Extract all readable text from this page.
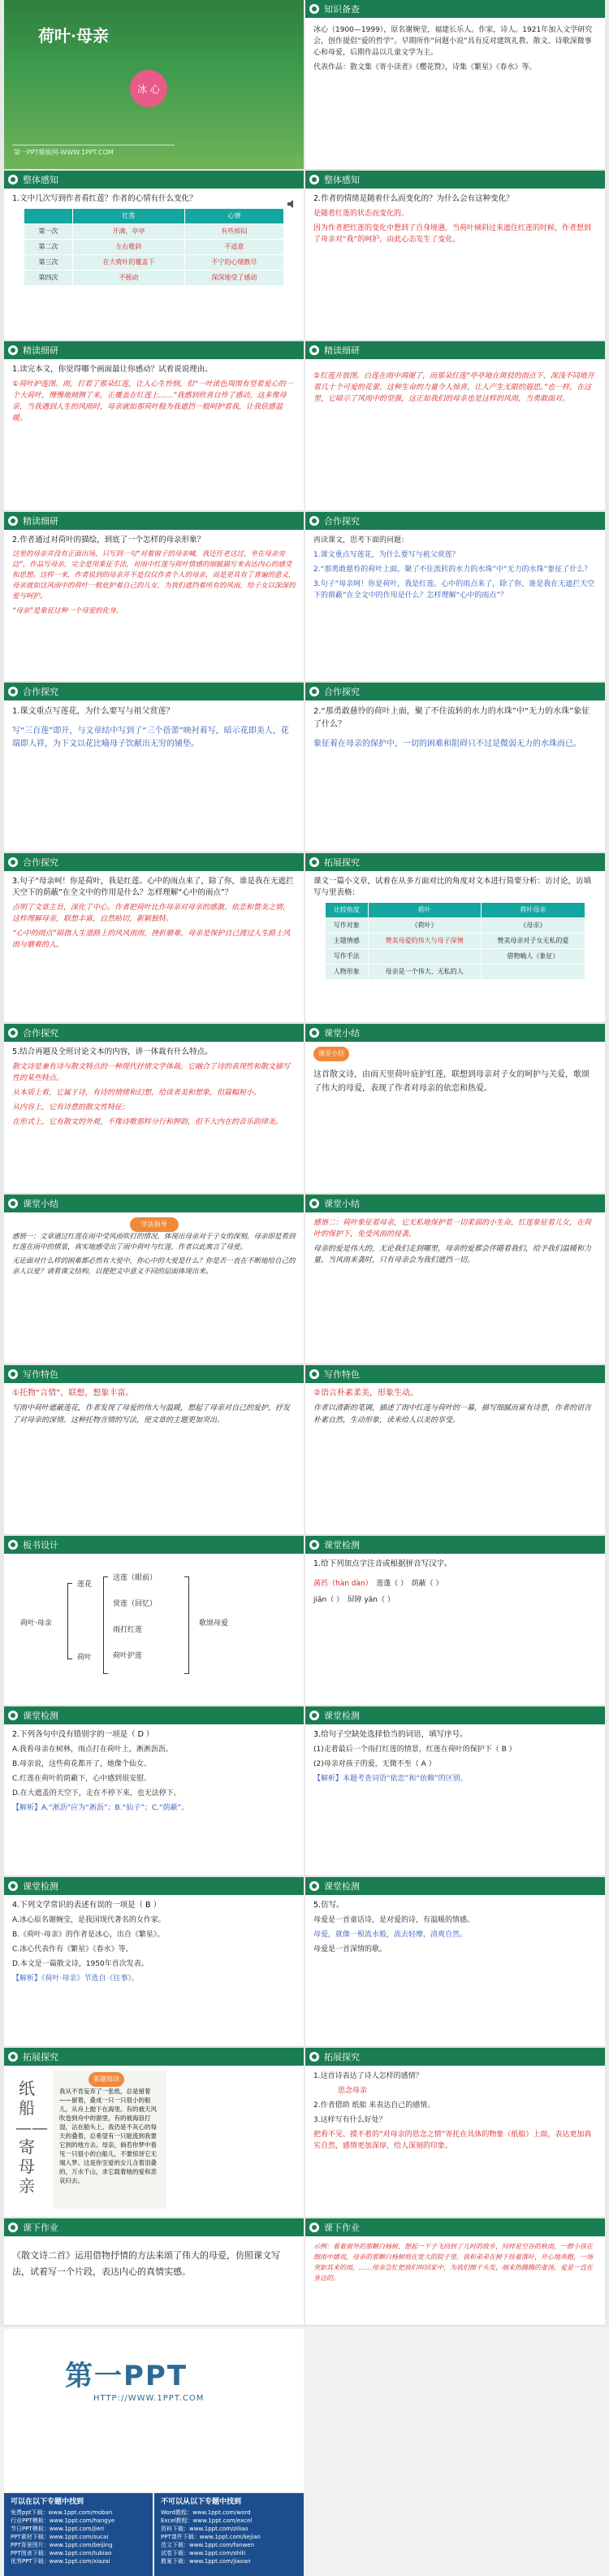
荷叶·母亲
冰 心
第一PPT模板网-WWW.1PPT.COM
知识备查

冰心（1900—1999），原名谢婉莹，福建长乐人。作家，诗人。1921年加入文学研究会，创作提倡“爱的哲学”。早期所作“问题小说”具有反对建筑礼教、散文、诗歌深微事心和母爱，后期作品以儿童文学为主。

代表作品：散文集《寄小读者》《樱花赞》，诗集《繁星》《春水》等。

整体感知

1.文中几次写到作者看红莲？作者的心情有什么变化？

	红莲	心情
第一次	开满、亭亭	有些烦闷
第二次	左右敬斜	不适意
第三次	在大荷叶的覆盖下	不宁的心绪散尽
第四次	不摇动	深深地受了感动
整体感知

2.作者的情绪是随着什么而变化的？为什么会有这种变化？

是随着红莲的状态而变化的。

因为作者把红莲的变化中想到了自身境遇，当荷叶倾斜过来遮住红莲的时候，作者想到了母亲对“我”的呵护，由此心态发生了变化。

精读细研

1.读完本文，你觉得哪个画面最让你感动？试着说说理由。

①荷叶护莲图。雨，打着了那朵红莲，让人心生怜悯，但“一叶浓色周围有坚着爱心的一个大荷叶，慢慢地倾侧了来，正覆盖在红莲上……”我感到欣喜自怜了感动，这多像母亲，当我遇到人生的风雨时，母亲就如那荷叶般为我遮挡一般呵护着我，让我倍感温暖。

精读细研

②红莲开放图。白莲在雨中凋谢了，而那朵红莲“亭亭地在斑驳的雨点下，深浅不同地开着几十个可爱的花蕾，这种生命的力量令人惊喜，让人产生无限的遐思。”也一样，在这里，它暗示了风雨中的坚强，这正如我们的母亲也是这样的风雨，当勇敢面对。

精读细研

2.作者通过对荷叶的描绘，到底了一个怎样的母亲形象？

这里的母亲并没有正面出场，只写到一句“对着窗子的母亲喊，我还任老这过，坐在母亲旁边”，作品写母亲，完全是用象征手法，对雨中红莲与荷叶情感的细腻描写来表达内心的感受和思想。这样一来，作者说到的母亲并不是仅仅作者个人的母亲，而是更具有了普遍的意义，母亲就如这风雨中的荷叶一般庇护着自己的儿女，为我们遮挡着所有的风雨，给子女以深深的爱与呵护。

“母亲”是象征这种一个母爱的化身。

合作探究

再读课文，思考下面的问题：

1.课文重点写莲花，为什么要写与祖父赏莲？

2.“那勇敢慈怜的荷叶上面，聚了不住流转的水力的水珠”中“无力的水珠”象征了什么？

3.句子“母亲呵！你是荷叶，我是红莲。心中的雨点来了，除了你，谁是我在无遮拦天空下的荫蔽”在全文中的作用是什么？怎样理解“心中的雨点”？

合作探究

1.课文重点写莲花，为什么要写与祖父赏莲？

写“三百莲”即开，与文章结中写到了“三个蓓蕾”映衬着写，暗示花即美人，花瑞即人祥，为下文以花比喻母子饮献出无穷的铺垫。

合作探究

2.“那勇敢慈怜的荷叶上面，聚了不住流转的水力的水珠”中“无力的水珠”象征了什么？

象征着在母亲的保护中，一切的困难和阻碍只不过是微弱无力的水珠而已。

合作探究

3.句子“母亲呵！你是荷叶，我是红莲。心中的雨点来了，除了你，谁是我在无遮拦天空下的荫蔽”在全文中的作用是什么？怎样理解“心中的雨点”？

点明了文章主旨，深化了中心。作者把荷叶比作母亲对母亲的感激、依恋和赞美之情，这样理解母亲，联想丰富，自然贴切，新颖独特。

“心中的雨点”暗指人生道路上的风风雨雨，挫折磨难，母亲是保护自己渡过人生路上风雨与磨难的人。

拓展探究

课文一篇小文章，试着在从多方面对比的角度对文本进行简要分析：访讨论，访填写与里表格：

比较角度	荷叶	荷叶母亲
写作对象	《荷叶》	《母亲》
主题情感	赞美母爱的伟大与母子深情	赞美母亲对子女无私的爱
写作手法		借物喻人（象征）
人物形象	母亲是一个伟大、无私的人	
合作探究

5.结合再题及全班讨论文本的内容，讲一体裁有什么特点。

散文诗是兼有诗与散文特点的一种现代抒情文学体裁。它融合了诗的表现性和散文描写性的某些特点。

从本质上看，它属于诗，有诗的情绪和幻想，给读者美和想象，但篇幅短小。

从内容上，它有诗意的散文性特征；

在形式上，它有散文的外观，不像诗歌那样分行和押韵，但不大内在的音乐韵律美。

课堂小结
课堂小结

这首散文诗，由雨天里荷叶庇护红莲，联想到母亲对子女的呵护与关爱，歌颂了伟大的母爱，表现了作者对母亲的依恋和热爱。

课堂小结
学法指导

感悟一：文章通过红莲在雨中受风雨吹打的情况，体现出母亲对于子女的深刻，母亲即是看到红莲在雨中的情景，真实地感受出了雨中荷叶与红莲，作者以此寓言了母爱。

无论面对什么样的困难都必然有大爱中，你心中的大爱是什么？你是否一直在不断地给自己的亲人以爱？请看课文结构，以便把文中意义不同的层面体现出来。

课堂小结

感悟二：荷叶象征着母亲，它无私地保护着一切柔弱的小生命，红莲象征着儿女，在荷叶的保护下，免受风雨的侵袭。

母亲的爱是伟大的，无论我们走到哪里，母亲的爱都会伴随着我们，给予我们温暖和力量。当风雨来袭时，只有母亲会为我们遮挡一切。

写作特色

①托物“言情”，联想，想象丰富。

写雨中荷叶遮蔽莲花，作者发现了母爱的伟大与温暖，想起了母亲对自己的爱护，抒发了对母亲的深情。这种托物言情的写法，使文章的主题更加突出。

写作特色

②语言朴素柔美，形象生动。

作者以清新的笔调，描述了雨中红莲与荷叶的一幕，描写细腻而富有诗意，作者的语言朴素自然，生动形象，读来给人以美的享受。

板书设计
荷叶·母亲
莲花
荷叶
送莲（眼前）
赏莲（回忆）
雨打红莲
荷叶护莲
歌颂母爱
课堂检测

1.给下列加点字注音或根据拼音写汉字。

菡萏（hàn dàn）　 莲蓬（ ）　 荫蔽（ ）

jiǎn（ ）　 屏障 yǎn（ ）

课堂检测

2.下列各句中没有错别字的一项是（ D ）

A.我看母亲在树林，雨点打在荷叶上，淅淅沥沥。

B.母亲说，这些荷花都开了，她像个仙女。

C.红莲在荷叶的荫蔽下，心中感到很安慰。

D.在大遮盖的天空下，走在不停下来，也无法停下。

【解析】A.“淅沥”应为“淅沥”；B.“仙子”；C.“荫蔽”。

课堂检测

3.给句子空缺处选择恰当的词语，填写序号。

(1)走着最后一个雨打红莲的情景，红莲在荷叶的保护下（ B ）

(2)母亲对孩子的爱，无微不至（ A ）

【解析】本题考查词语“依恋”和“依赖”的区别。

课堂检测

4.下列文学常识的表述有误的一项是（ B ）

A.冰心原名谢婉莹，是我国现代著名的女作家。

B.《荷叶·母亲》的作者是冰心，出自《繁星》。

C.冰心代表作有《繁星》《春水》等。

D.本文是一篇散文诗，1950年首次发表。

【解析】《荷叶·母亲》节选自《往事》。

课堂检测

5.仿写。

母爱是一首童话诗，是对爱的诗，有温暖的情感。

母爱，就像一根流水般，流去轻摩，清爽自然。

母爱是一首深情的歌。

拓展探究
纸船——寄母亲
新题阅读
我从不肯妄弃了一张纸，总是留着——留着，叠成一只一只很小的船儿，从舟上抛下在海里。有的被天风吹卷到舟中的窗里，有的被海浪打湿，沾在船头上。我仍是不灰心的每天的叠着，总希望有一只能流到我要它到的地方去。母亲，倘若你梦中看见一只很小的白船儿，不要惊讶它无端入梦。这是你至爱的女儿含着泪叠的，万水千山，求它载着她的爱和悲哀归去。
拓展探究

1.这首诗表达了诗人怎样的感情？

思念母亲

2.作者借助 纸船 来表达自己的感情。

3.这样写有什么好处？

把看不见、摸不着的“对母亲的思念之情”寄托在具体的物象（纸船）上面，表达更加真实自然，感情更加深厚，给人深刻的印象。

课下作业

《散文诗二首》运用借物抒情的方法来颂了伟大的母爱，仿照课文写法，试着写一个片段，表达内心的真情实感。

课下作业

示例：看着窗外的那颗白杨树，想起一下子飞回到了儿时的故乡，同样是空谷的秋雨，一群小孩在细雨中嬉戏，母亲的那颗白杨树则在宽大的院子里，我和弟弟在树下捡着落叶，开心地奔跑，一场突如其来的雨，……母亲急忙把我们叫回家中，为我们擦干头发，端来热腾腾的姜汤，爱是一直在身边的。

第一PPT
HTTP://WWW.1PPT.COM
可以在以下专题中找到
免费ppt下载：www.1ppt.com/moban
行业PPT模板：www.1ppt.com/hangye
节日PPT模板：www.1ppt.com/jieri
PPT素材下载：www.1ppt.com/sucai
PPT背景图片：www.1ppt.com/beijing
PPT图表下载：www.1ppt.com/tubiao
优秀PPT下载：www.1ppt.com/xiazai
不可以从以下专题中找到
Word教程：www.1ppt.com/word
Excel教程：www.1ppt.com/excel
资料下载：www.1ppt.com/ziliao
PPT课件下载：www.1ppt.com/kejian
范文下载：www.1ppt.com/fanwen
试卷下载：www.1ppt.com/shiti
教案下载：www.1ppt.com/jiaoan
